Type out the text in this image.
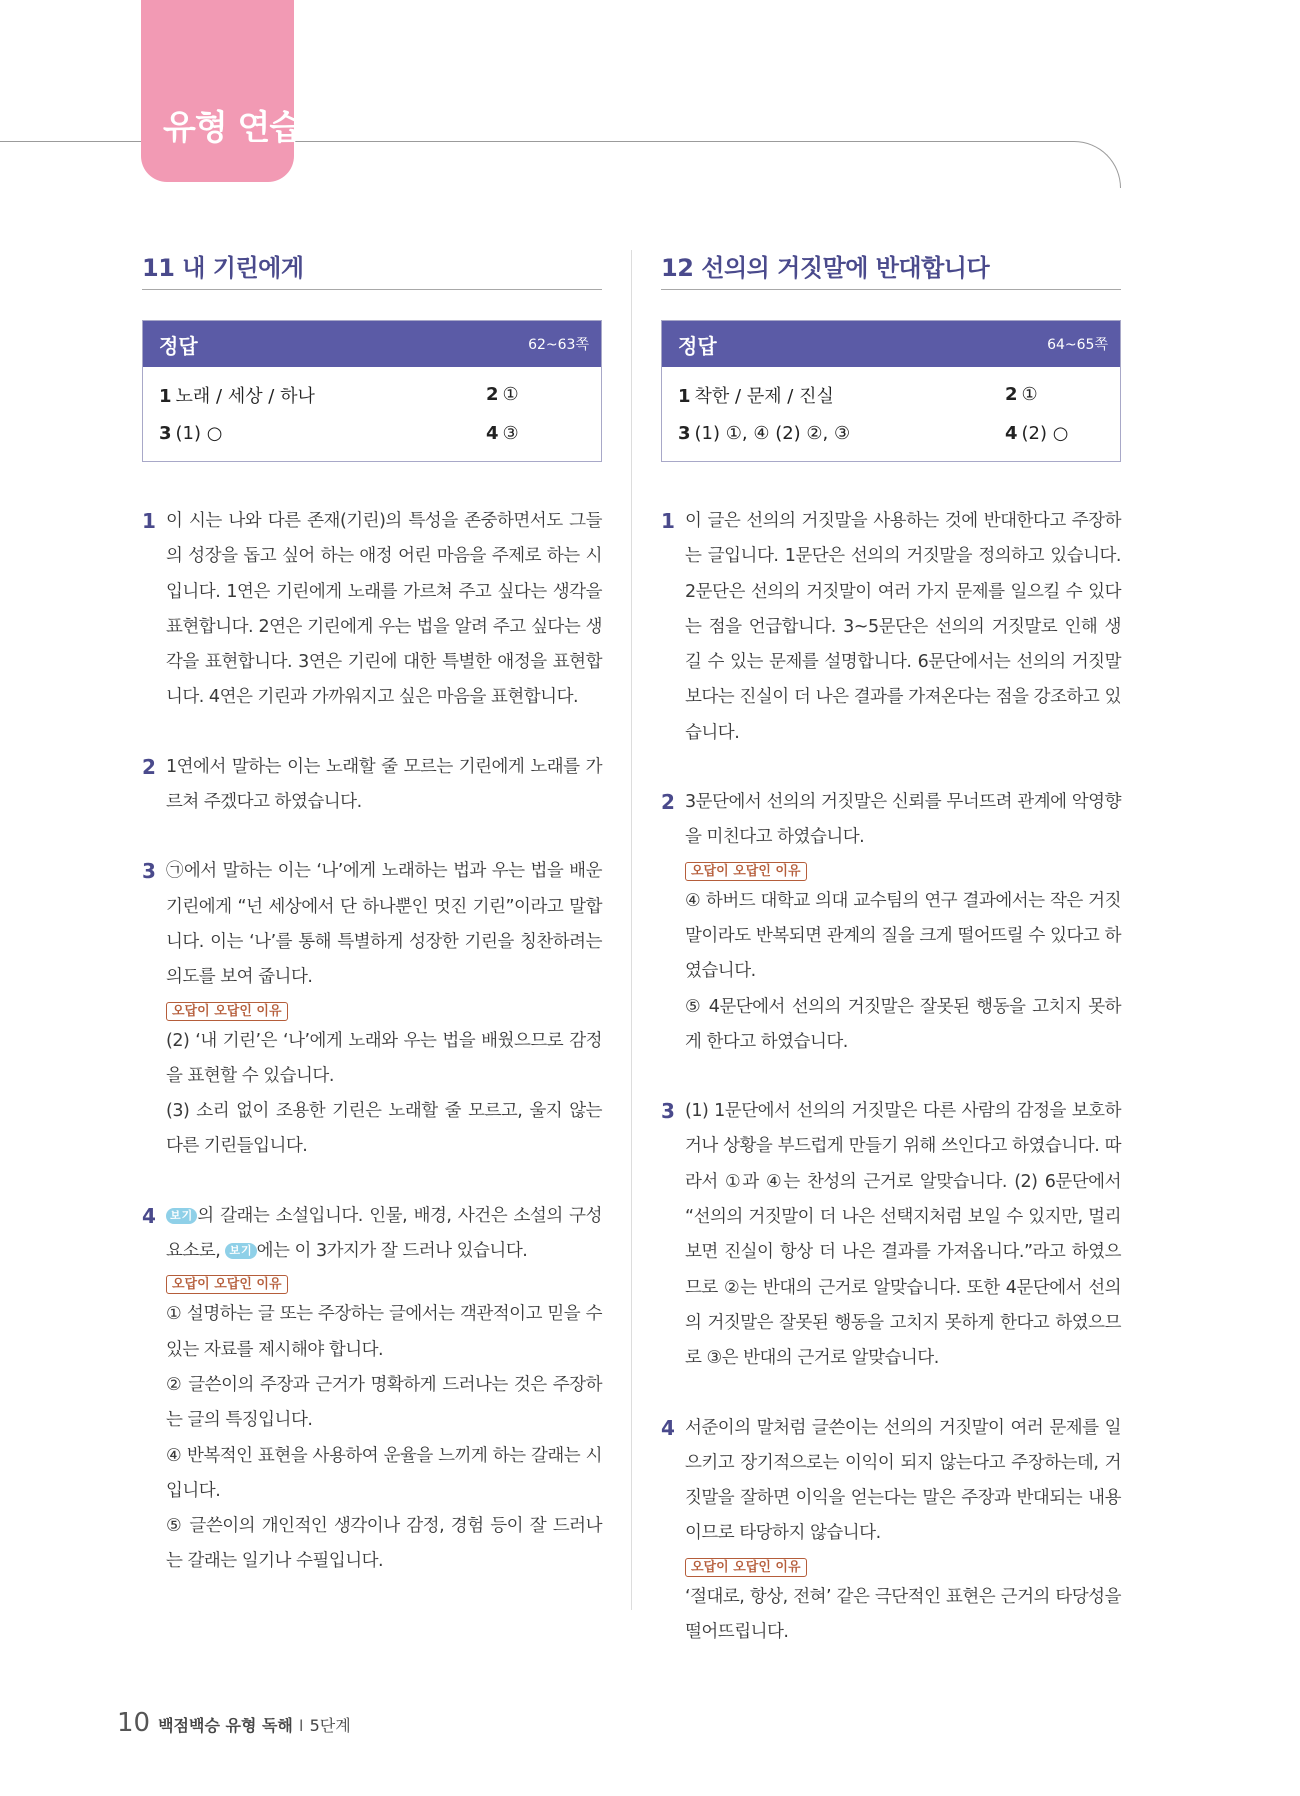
유형 연습
11 내 기린에게
정답	62~63쪽
1 노래 / 세상 / 하나	2 ①
3 (1) ○	4 ③
1 이 시는 나와 다른 존재(기린)의 특성을 존중하면서도 그들의 성장을 돕고 싶어 하는 애정 어린 마음을 주제로 하는 시입니다. 1연은 기린에게 노래를 가르쳐 주고 싶다는 생각을 표현합니다. 2연은 기린에게 우는 법을 알려 주고 싶다는 생각을 표현합니다. 3연은 기린에 대한 특별한 애정을 표현합니다. 4연은 기린과 가까워지고 싶은 마음을 표현합니다.

2 1연에서 말하는 이는 노래할 줄 모르는 기린에게 노래를 가르쳐 주겠다고 하였습니다.

3 ㉠에서 말하는 이는 ‘나’에게 노래하는 법과 우는 법을 배운 기린에게 “넌 세상에서 단 하나뿐인 멋진 기린”이라고 말합니다. 이는 ‘나’를 통해 특별하게 성장한 기린을 칭찬하려는 의도를 보여 줍니다.

오답이 오답인 이유

(2) ‘내 기린’은 ‘나’에게 노래와 우는 법을 배웠으므로 감정을 표현할 수 있습니다.

(3) 소리 없이 조용한 기린은 노래할 줄 모르고, 울지 않는 다른 기린들입니다.

4	보기 의 갈래는 소설입니다. 인물, 배경, 사건은 소설의 구성 요소로, 보기 에는 이 3가지가 잘 드러나 있습니다.

오답이 오답인 이유

① 설명하는 글 또는 주장하는 글에서는 객관적이고 믿을 수 있는 자료를 제시해야 합니다.

② 글쓴이의 주장과 근거가 명확하게 드러나는 것은 주장하는 글의 특징입니다.

④ 반복적인 표현을 사용하여 운율을 느끼게 하는 갈래는 시입니다.

⑤ 글쓴이의 개인적인 생각이나 감정, 경험 등이 잘 드러나는 갈래는 일기나 수필입니다.

12 선의의 거짓말에 반대합니다
정답	64~65쪽
1 착한 / 문제 / 진실	2 ①
3 (1) ①, ④ (2) ②, ③	4 (2) ○
1 이 글은 선의의 거짓말을 사용하는 것에 반대한다고 주장하는 글입니다. 1문단은 선의의 거짓말을 정의하고 있습니다. 2문단은 선의의 거짓말이 여러 가지 문제를 일으킬 수 있다는 점을 언급합니다. 3~5문단은 선의의 거짓말로 인해 생길 수 있는 문제를 설명합니다. 6문단에서는 선의의 거짓말보다는 진실이 더 나은 결과를 가져온다는 점을 강조하고 있습니다.

2 3문단에서 선의의 거짓말은 신뢰를 무너뜨려 관계에 악영향을 미친다고 하였습니다.

오답이 오답인 이유

④ 하버드 대학교 의대 교수팀의 연구 결과에서는 작은 거짓말이라도 반복되면 관계의 질을 크게 떨어뜨릴 수 있다고 하였습니다.

⑤ 4문단에서 선의의 거짓말은 잘못된 행동을 고치지 못하게 한다고 하였습니다.

3 (1) 1문단에서 선의의 거짓말은 다른 사람의 감정을 보호하거나 상황을 부드럽게 만들기 위해 쓰인다고 하였습니다. 따라서 ①과 ④는 찬성의 근거로 알맞습니다. (2) 6문단에서 “선의의 거짓말이 더 나은 선택지처럼 보일 수 있지만, 멀리 보면 진실이 항상 더 나은 결과를 가져옵니다.”라고 하였으므로 ②는 반대의 근거로 알맞습니다. 또한 4문단에서 선의의 거짓말은 잘못된 행동을 고치지 못하게 한다고 하였으므로 ③은 반대의 근거로 알맞습니다.

4 서준이의 말처럼 글쓴이는 선의의 거짓말이 여러 문제를 일으키고 장기적으로는 이익이 되지 않는다고 주장하는데, 거짓말을 잘하면 이익을 얻는다는 말은 주장과 반대되는 내용이므로 타당하지 않습니다.

오답이 오답인 이유

‘절대로, 항상, 전혀’ 같은 극단적인 표현은 근거의 타당성을 떨어뜨립니다.

10 백점백승 유형 독해 I 5단계
